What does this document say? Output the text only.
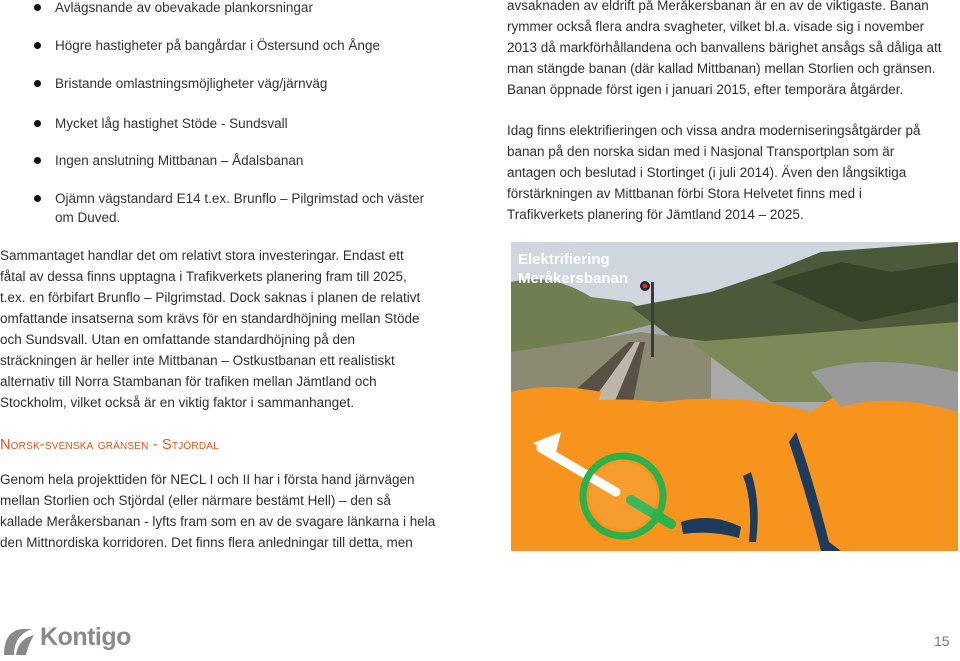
Avlägsnande av obevakade plankorsningar
Högre hastigheter på bangårdar i Östersund och Ånge
Bristande omlastningsmöjligheter väg/järnväg
Mycket låg hastighet Stöde - Sundsvall
Ingen anslutning Mittbanan – Ådalsbanan
Ojämn vägstandard E14 t.ex. Brunflo – Pilgrimstad och väster om Duved.
Sammantaget handlar det om relativt stora investeringar. Endast ett
fåtal av dessa finns upptagna i Trafikverkets planering fram till 2025,
t.ex. en förbifart Brunflo – Pilgrimstad. Dock saknas i planen de relativt
omfattande insatserna som krävs för en standardhöjning mellan Stöde
och Sundsvall. Utan en omfattande standardhöjning på den
sträckningen är heller inte Mittbanan – Ostkustbanan ett realistiskt
alternativ till Norra Stambanan för trafiken mellan Jämtland och
Stockholm, vilket också är en viktig faktor i sammanhanget.
Norsk-svenska gränsen - Stjördal
Genom hela projekttiden för NECL I och II har i första hand järnvägen
mellan Storlien och Stjördal (eller närmare bestämt Hell) – den så
kallade Meråkersbanan - lyfts fram som en av de svagare länkarna i hela
den Mittnordiska korridoren. Det finns flera anledningar till detta, men
avsaknaden av eldrift på Meråkersbanan är en av de viktigaste. Banan
rymmer också flera andra svagheter, vilket bl.a. visade sig i november
2013 då markförhållandena och banvallens bärighet ansågs så dåliga att
man stängde banan (där kallad Mittbanan) mellan Storlien och gränsen.
Banan öppnade först igen i januari 2015, efter temporära åtgärder.
Idag finns elektrifieringen och vissa andra moderniseringsåtgärder på
banan på den norska sidan med i Nasjonal Transportplan som är
antagen och beslutad i Stortinget (i juli 2014). Även den långsiktiga
förstärkningen av Mittbanan förbi Stora Helvetet finns med i
Trafikverkets planering för Jämtland 2014 – 2025.
Elektrifiering
Meråkersbanan
Kontigo	15
